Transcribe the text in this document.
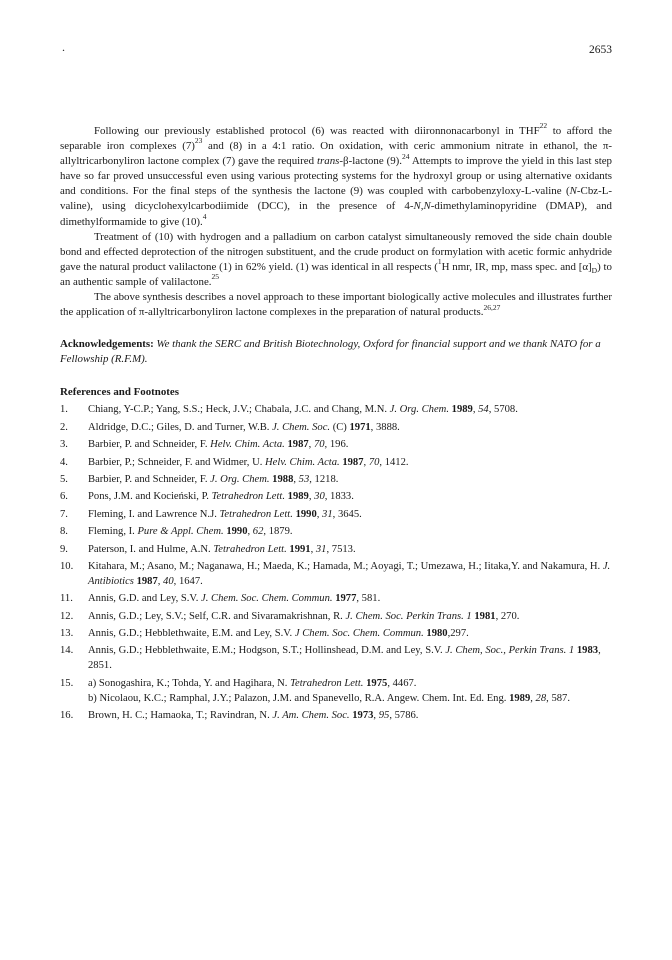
.	2653

Following our previously established protocol (6) was reacted with diironnonacarbonyl in THF$^{22}$ to afford the separable iron complexes $(7)^{23}$ and (8) in a 4:1 ratio. On oxidation, with ceric ammonium nitrate in ethanol, the π-allyltricarbonyliron lactone complex (7) gave the required trans-β-lactone (9).$^{24}$ Attempts to improve the yield in this last step have so far proved unsuccessful even using various protecting systems for the hydroxyl group or using alternative oxidants and conditions. For the final steps of the synthesis the lactone (9) was coupled with carbobenzyloxy-L-valine (N-Cbz-L-valine), using dicyclohexylcarbodiimide (DCC), in the presence of 4-N,N-dimethylaminopyridine (DMAP), and dimethylformamide to give (10).$^4$

Treatment of (10) with hydrogen and a palladium on carbon catalyst simultaneously removed the side chain double bond and effected deprotection of the nitrogen substituent, and the crude product on formylation with acetic formic anhydride gave the natural product valilactone (1) in 62% yield. (1) was identical in all respects ($^1$H nmr, IR, mp, mass spec. and $[\alpha]_D$) to an authentic sample of valilactone.$^{25}$

The above synthesis describes a novel approach to these important biologically active molecules and illustrates further the application of π-allyltricarbonyliron lactone complexes in the preparation of natural products.$^{26,27}$

Acknowledgements: We thank the SERC and British Biotechnology, Oxford for financial support and we thank NATO for a Fellowship (R.F.M).

References and Footnotes
1. Chiang, Y-C.P.; Yang, S.S.; Heck, J.V.; Chabala, J.C. and Chang, M.N. J. Org. Chem. 1989, 54, 5708.
2. Aldridge, D.C.; Giles, D. and Turner, W.B. J. Chem. Soc. (C) 1971, 3888.
3. Barbier, P. and Schneider, F. Helv. Chim. Acta. 1987, 70, 196.
4. Barbier, P.; Schneider, F. and Widmer, U. Helv. Chim. Acta. 1987, 70, 1412.
5. Barbier, P. and Schneider, F. J. Org. Chem. 1988, 53, 1218.
6. Pons, J.M. and Kocieński, P. Tetrahedron Lett. 1989, 30, 1833.
7. Fleming, I. and Lawrence N.J. Tetrahedron Lett. 1990, 31, 3645.
8. Fleming, I. Pure & Appl. Chem. 1990, 62, 1879.
9. Paterson, I. and Hulme, A.N. Tetrahedron Lett. 1991, 31, 7513.
10. Kitahara, M.; Asano, M.; Naganawa, H.; Maeda, K.; Hamada, M.; Aoyagi, T.; Umezawa, H.; Iitaka,Y. and Nakamura, H. J. Antibiotics 1987, 40, 1647.
11. Annis, G.D. and Ley, S.V. J. Chem. Soc. Chem. Commun. 1977, 581.
12. Annis, G.D.; Ley, S.V.; Self, C.R. and Sivaramakrishnan, R. J. Chem. Soc. Perkin Trans. 1 1981, 270.
13. Annis, G.D.; Hebblethwaite, E.M. and Ley, S.V. J Chem. Soc. Chem. Commun. 1980,297.
14. Annis, G.D.; Hebblethwaite, E.M.; Hodgson, S.T.; Hollinshead, D.M. and Ley, S.V. J. Chem, Soc., Perkin Trans. 1 1983, 2851.
15. a) Sonogashira, K.; Tohda, Y. and Hagihara, N. Tetrahedron Lett. 1975, 4467.
b) Nicolaou, K.C.; Ramphal, J.Y.; Palazon, J.M. and Spanevello, R.A. Angew. Chem. Int. Ed. Eng. 1989, 28, 587.
16. Brown, H. C.; Hamaoka, T.; Ravindran, N. J. Am. Chem. Soc. 1973, 95, 5786.
